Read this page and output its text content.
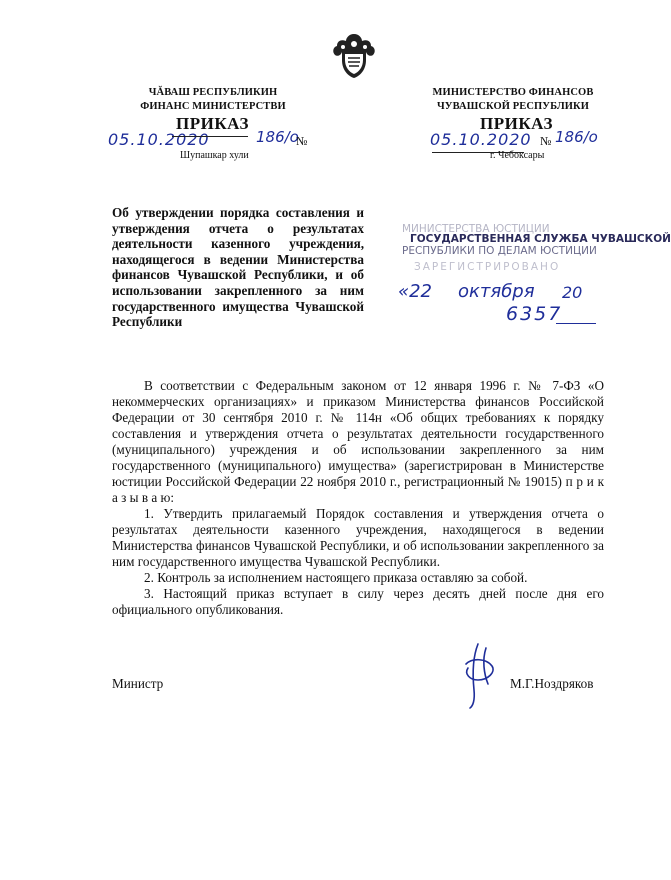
ЧĂВАШ РЕСПУБЛИКИН
ФИНАНС МИНИСТЕРСТВИ
МИНИСТЕРСТВО ФИНАНСОВ
ЧУВАШСКОЙ РЕСПУБЛИКИ
ПРИКАЗ
05.10.2020	186/о
№
Шупашкар хули
ПРИКАЗ
05.10.2020 № 186/о
г. Чебоксары
Об утверждении порядка составления и утверждения отчета о результатах деятельности казенного учреждения, находящегося в ведении Министерства финансов Чувашской Республики, и об использовании закрепленного за ним государственного имущества Чувашской Республики
МИНИСТЕРСТВА ЮСТИЦИИ
ГОСУДАРСТВЕННАЯ СЛУЖБА ЧУВАШСКОЙ
РЕСПУБЛИКИ ПО ДЕЛАМ ЮСТИЦИИ
ЗАРЕГИСТРИРОВАНО
«22 октября 20
6357

В соответствии с Федеральным законом от 12 января 1996 г. № 7-ФЗ «О некоммерческих организациях» и приказом Министерства финансов Российской Федерации от 30 сентября 2010 г. № 114н «Об общих требованиях к порядку составления и утверждения отчета о результатах деятельности государственного (муниципального) учреждения и об использовании закрепленного за ним государственного (муниципального) имущества» (зарегистрирован в Министерстве юстиции Российской Федерации 22 ноября 2010 г., регистрационный № 19015) п р и к а з ы в а ю:

1. Утвердить прилагаемый Порядок составления и утверждения отчета о результатах деятельности казенного учреждения, находящегося в ведении Министерства финансов Чувашской Республики, и об использовании закрепленного за ним государственного имущества Чувашской Республики.

2. Контроль за исполнением настоящего приказа оставляю за собой.

3. Настоящий приказ вступает в силу через десять дней после дня его официального опубликования.

Министр	М.Г.Ноздряков
